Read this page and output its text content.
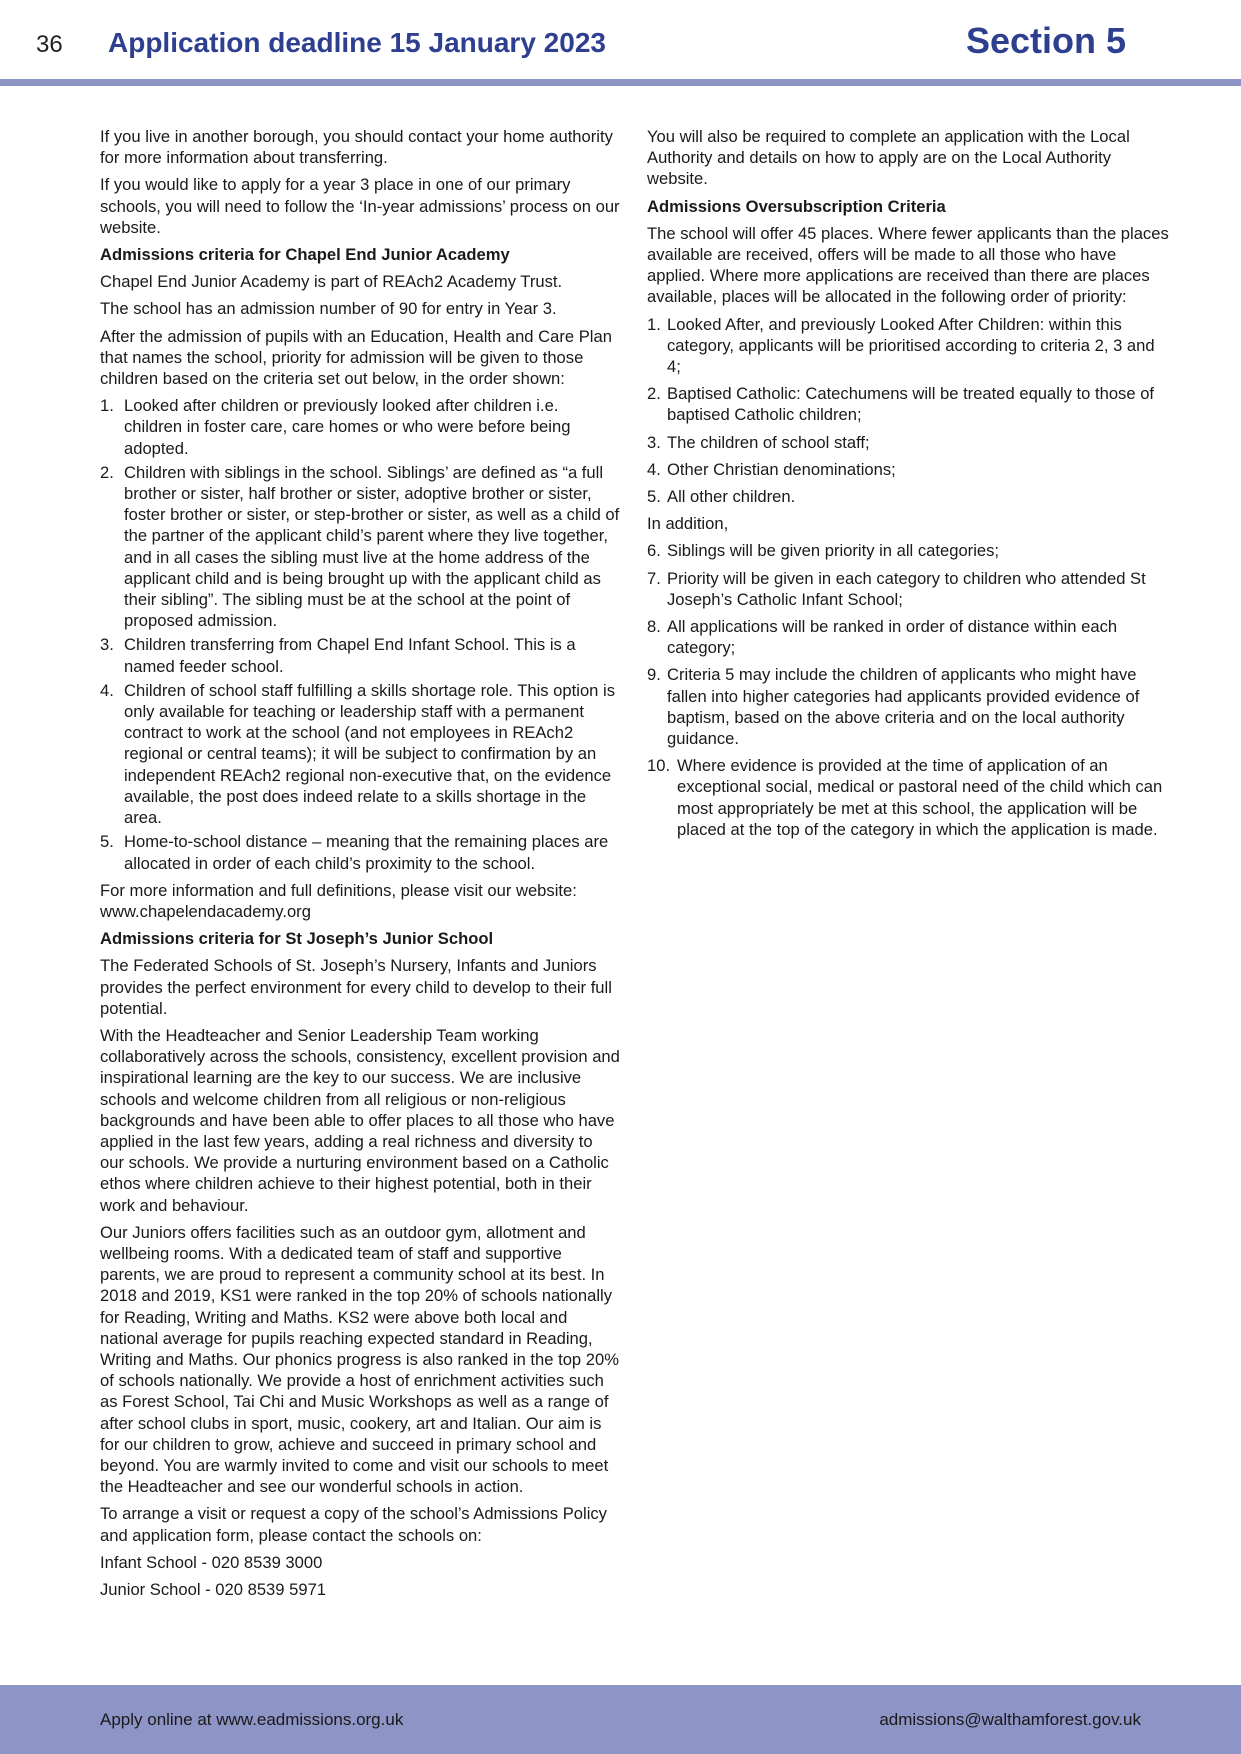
36 Application deadline 15 January 2023	Section 5

If you live in another borough, you should contact your home authority for more information about transferring.

If you would like to apply for a year 3 place in one of our primary schools, you will need to follow the ‘In-year admissions’ process on our website.

Admissions criteria for Chapel End Junior Academy

Chapel End Junior Academy is part of REAch2 Academy Trust.

The school has an admission number of 90 for entry in Year 3.

After the admission of pupils with an Education, Health and Care Plan that names the school, priority for admission will be given to those children based on the criteria set out below, in the order shown:

1. Looked after children or previously looked after children i.e. children in foster care, care homes or who were before being adopted.
2. Children with siblings in the school. Siblings’ are defined as “a full brother or sister, half brother or sister, adoptive brother or sister, foster brother or sister, or step-brother or sister, as well as a child of the partner of the applicant child’s parent where they live together, and in all cases the sibling must live at the home address of the applicant child and is being brought up with the applicant child as their sibling”. The sibling must be at the school at the point of proposed admission.
3. Children transferring from Chapel End Infant School. This is a named feeder school.
4. Children of school staff fulfilling a skills shortage role. This option is only available for teaching or leadership staff with a permanent contract to work at the school (and not employees in REAch2 regional or central teams); it will be subject to confirmation by an independent REAch2 regional non-executive that, on the evidence available, the post does indeed relate to a skills shortage in the area.
5. Home-to-school distance – meaning that the remaining places are allocated in order of each child’s proximity to the school.

For more information and full definitions, please visit our website: www.chapelendacademy.org

Admissions criteria for St Joseph’s Junior School

The Federated Schools of St. Joseph’s Nursery, Infants and Juniors provides the perfect environment for every child to develop to their full potential.

With the Headteacher and Senior Leadership Team working collaboratively across the schools, consistency, excellent provision and inspirational learning are the key to our success. We are inclusive schools and welcome children from all religious or non-religious backgrounds and have been able to offer places to all those who have applied in the last few years, adding a real richness and diversity to our schools. We provide a nurturing environment based on a Catholic ethos where children achieve to their highest potential, both in their work and behaviour.

Our Juniors offers facilities such as an outdoor gym, allotment and wellbeing rooms. With a dedicated team of staff and supportive parents, we are proud to represent a community school at its best. In 2018 and 2019, KS1 were ranked in the top 20% of schools nationally for Reading, Writing and Maths. KS2 were above both local and national average for pupils reaching expected standard in Reading, Writing and Maths. Our phonics progress is also ranked in the top 20% of schools nationally. We provide a host of enrichment activities such as Forest School, Tai Chi and Music Workshops as well as a range of after school clubs in sport, music, cookery, art and Italian. Our aim is for our children to grow, achieve and succeed in primary school and beyond. You are warmly invited to come and visit our schools to meet the Headteacher and see our wonderful schools in action.

To arrange a visit or request a copy of the school’s Admissions Policy and application form, please contact the schools on:

Infant School - 020 8539 3000

Junior School - 020 8539 5971

You will also be required to complete an application with the Local Authority and details on how to apply are on the Local Authority website.

Admissions Oversubscription Criteria

The school will offer 45 places. Where fewer applicants than the places available are received, offers will be made to all those who have applied. Where more applications are received than there are places available, places will be allocated in the following order of priority:

1. Looked After, and previously Looked After Children: within this category, applicants will be prioritised according to criteria 2, 3 and 4;
2. Baptised Catholic: Catechumens will be treated equally to those of baptised Catholic children;
3. The children of school staff;
4. Other Christian denominations;
5. All other children.

In addition,

6. Siblings will be given priority in all categories;
7. Priority will be given in each category to children who attended St Joseph’s Catholic Infant School;
8. All applications will be ranked in order of distance within each category;
9. Criteria 5 may include the children of applicants who might have fallen into higher categories had applicants provided evidence of baptism, based on the above criteria and on the local authority guidance.
10. Where evidence is provided at the time of application of an exceptional social, medical or pastoral need of the child which can most appropriately be met at this school, the application will be placed at the top of the category in which the application is made.
Apply online at www.eadmissions.org.uk	admissions@walthamforest.gov.uk
